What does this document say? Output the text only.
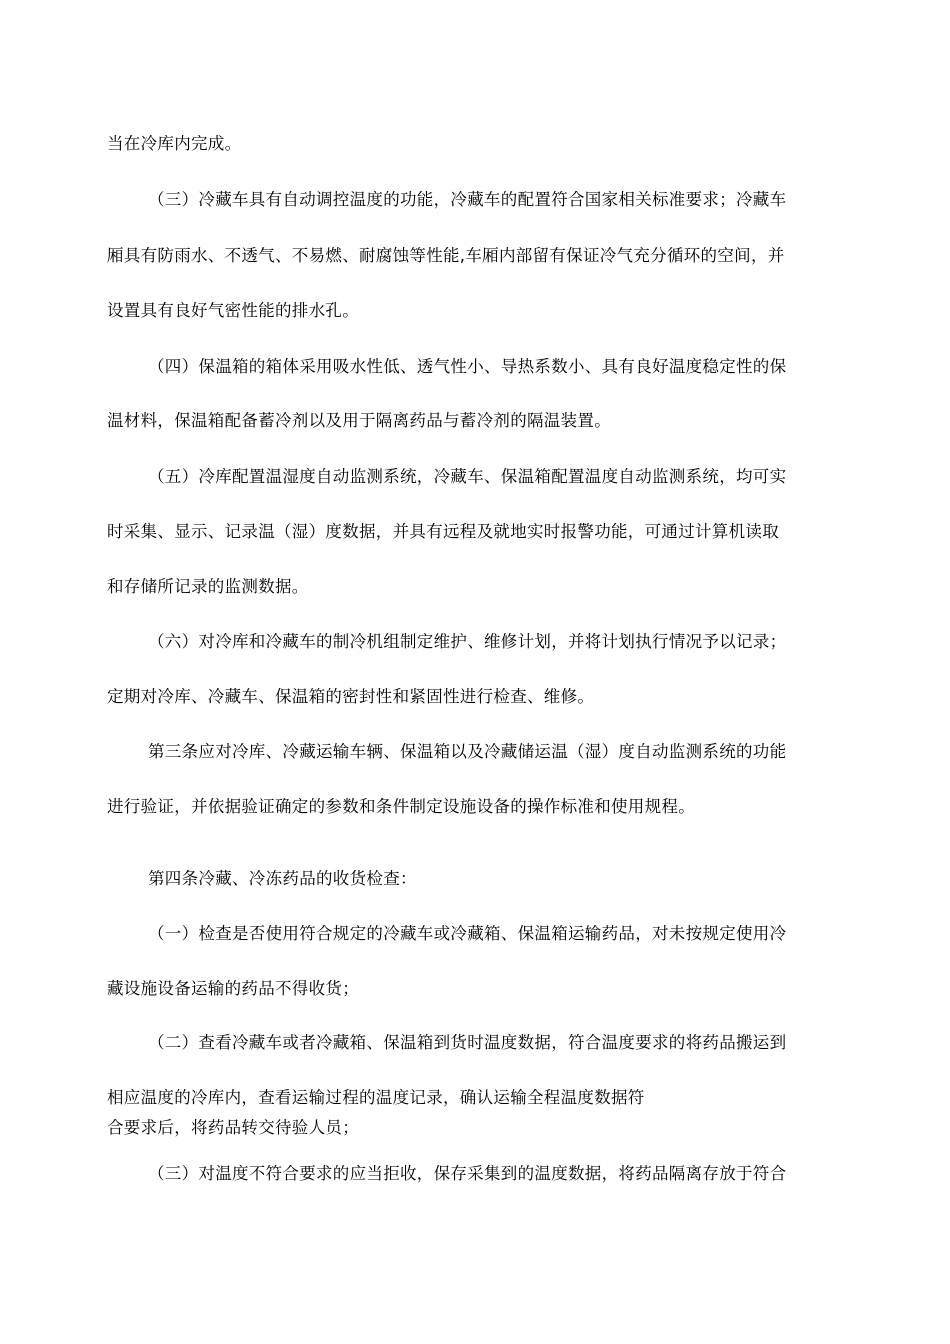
当在冷库内完成。

（三）冷藏车具有自动调控温度的功能，冷藏车的配置符合国家相关标准要求；冷藏车

厢具有防雨水、不透气、不易燃、耐腐蚀等性能,车厢内部留有保证冷气充分循环的空间，并

设置具有良好气密性能的排水孔。

（四）保温箱的箱体采用吸水性低、透气性小、导热系数小、具有良好温度稳定性的保

温材料，保温箱配备蓄冷剂以及用于隔离药品与蓄冷剂的隔温装置。

（五）冷库配置温湿度自动监测系统，冷藏车、保温箱配置温度自动监测系统，均可实

时采集、显示、记录温（湿）度数据，并具有远程及就地实时报警功能，可通过计算机读取

和存储所记录的监测数据。

（六）对冷库和冷藏车的制冷机组制定维护、维修计划，并将计划执行情况予以记录；

定期对冷库、冷藏车、保温箱的密封性和紧固性进行检查、维修。

第三条应对冷库、冷藏运输车辆、保温箱以及冷藏储运温（湿）度自动监测系统的功能

进行验证，并依据验证确定的参数和条件制定设施设备的操作标准和使用规程。

第四条冷藏、冷冻药品的收货检查：

（一）检查是否使用符合规定的冷藏车或冷藏箱、保温箱运输药品，对未按规定使用冷

藏设施设备运输的药品不得收货；

（二）查看冷藏车或者冷藏箱、保温箱到货时温度数据，符合温度要求的将药品搬运到

相应温度的冷库内，查看运输过程的温度记录，确认运输全程温度数据符

合要求后，将药品转交待验人员；

（三）对温度不符合要求的应当拒收，保存采集到的温度数据，将药品隔离存放于符合
